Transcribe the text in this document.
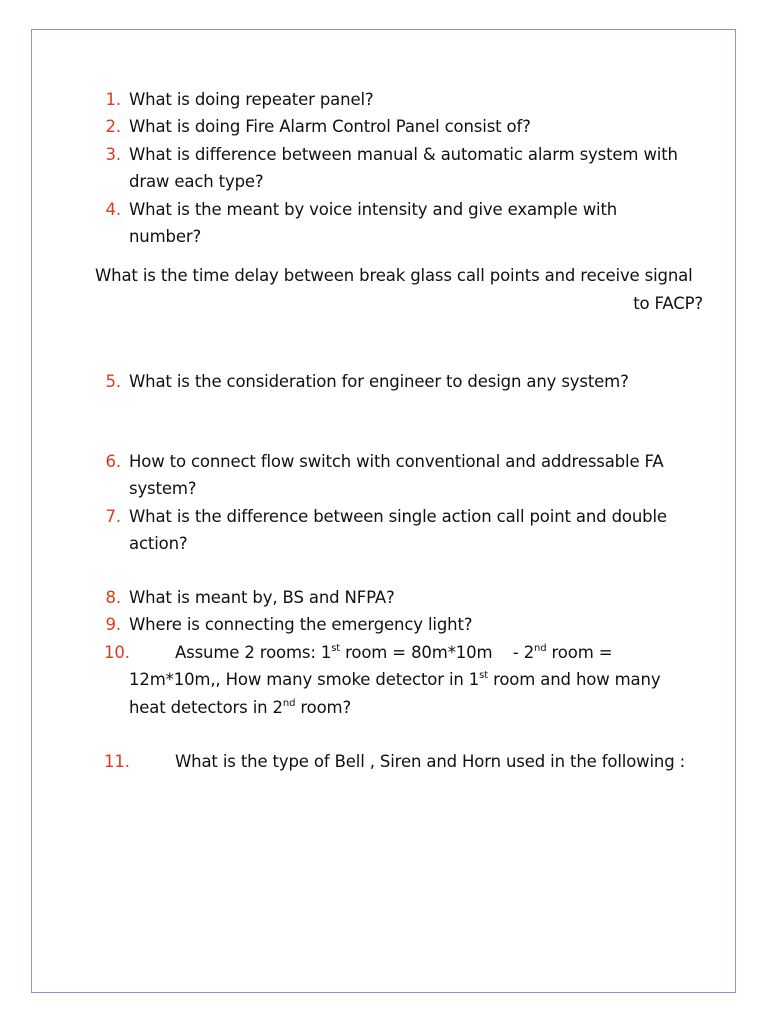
1. What is doing repeater panel?
2. What is doing Fire Alarm Control Panel consist of?
3. What is difference between manual & automatic alarm system with
draw each type?
4. What is the meant by voice intensity and give example with
number?
What is the time delay between break glass call points and receive signal
to FACP?
5. What is the consideration for engineer to design any system?
6. How to connect flow switch with conventional and addressable FA
system?
7. What is the difference between single action call point and double
action?
8. What is meant by, BS and NFPA?
9. Where is connecting the emergency light?
10.	Assume 2 rooms: 1st room = 80m*10m    - 2nd room =
12m*10m,, How many smoke detector in 1st room and how many
heat detectors in 2nd room?
11.	What is the type of Bell , Siren and Horn used in the following :
